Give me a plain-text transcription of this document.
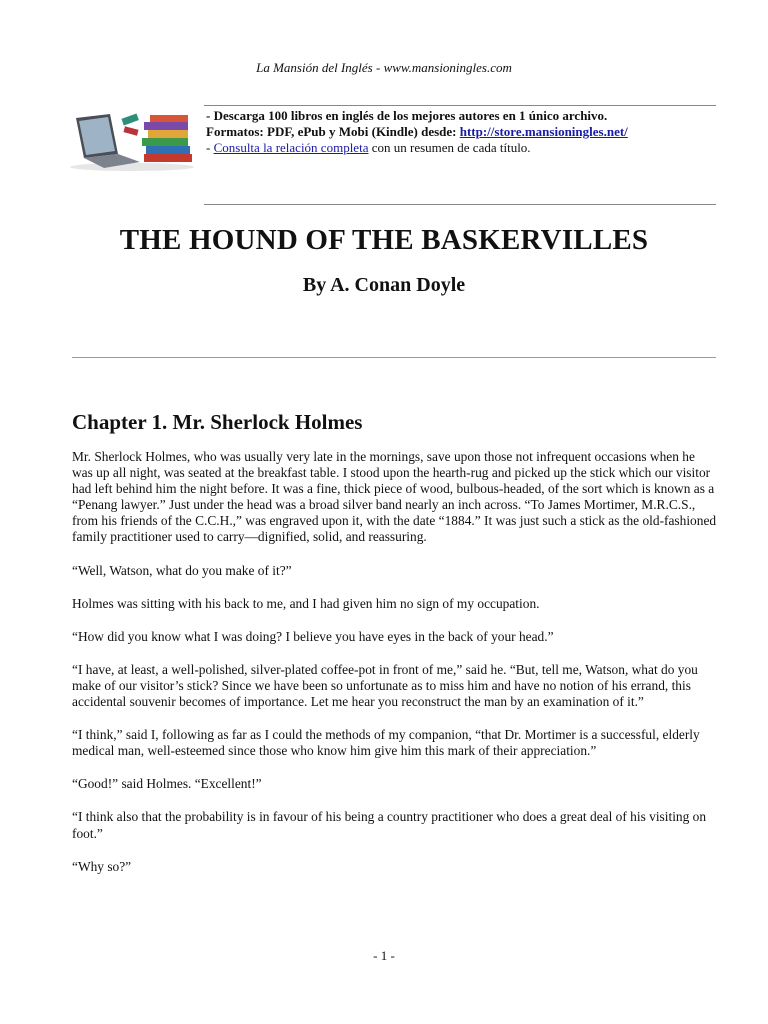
La Mansión del Inglés - www.mansioningles.com
- Descarga 100 libros en inglés de los mejores autores en 1 único archivo.
Formatos: PDF, ePub y Mobi (Kindle) desde: http://store.mansioningles.net/
- Consulta la relación completa con un resumen de cada título.
THE HOUND OF THE BASKERVILLES
By A. Conan Doyle
Chapter 1. Mr. Sherlock Holmes

Mr. Sherlock Holmes, who was usually very late in the mornings, save upon those not infrequent occasions when he was up all night, was seated at the breakfast table. I stood upon the hearth-rug and picked up the stick which our visitor had left behind him the night before. It was a fine, thick piece of wood, bulbous-headed, of the sort which is known as a “Penang lawyer.” Just under the head was a broad silver band nearly an inch across. “To James Mortimer, M.R.C.S., from his friends of the C.C.H.,” was engraved upon it, with the date “1884.” It was just such a stick as the old-fashioned family practitioner used to carry—dignified, solid, and reassuring.

“Well, Watson, what do you make of it?”

Holmes was sitting with his back to me, and I had given him no sign of my occupation.

“How did you know what I was doing? I believe you have eyes in the back of your head.”

“I have, at least, a well-polished, silver-plated coffee-pot in front of me,” said he. “But, tell me, Watson, what do you make of our visitor’s stick? Since we have been so unfortunate as to miss him and have no notion of his errand, this accidental souvenir becomes of importance. Let me hear you reconstruct the man by an examination of it.”

“I think,” said I, following as far as I could the methods of my companion, “that Dr. Mortimer is a successful, elderly medical man, well-esteemed since those who know him give him this mark of their appreciation.”

“Good!” said Holmes. “Excellent!”

“I think also that the probability is in favour of his being a country practitioner who does a great deal of his visiting on foot.”

“Why so?”

- 1 -
